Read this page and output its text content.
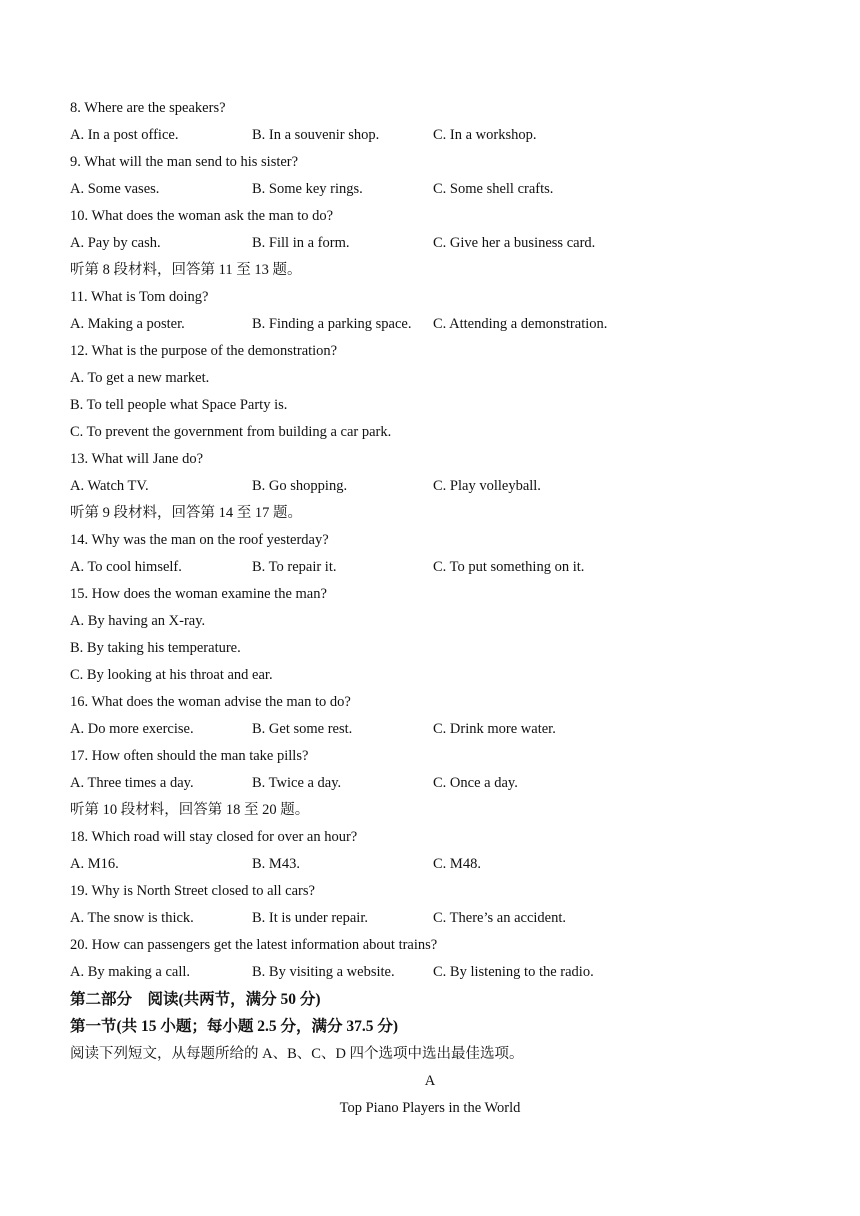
8. Where are the speakers?
A. In a post office.	B. In a souvenir shop.	C. In a workshop.
9. What will the man send to his sister?
A. Some vases.	B. Some key rings.	C. Some shell crafts.
10. What does the woman ask the man to do?
A. Pay by cash.	B. Fill in a form.	C. Give her a business card.
听第 8 段材料，回答第 11 至 13 题。
11. What is Tom doing?
A. Making a poster.	B. Finding a parking space. C. Attending a demonstration.
12. What is the purpose of the demonstration?
A. To get a new market.
B. To tell people what Space Party is.
C. To prevent the government from building a car park.
13. What will Jane do?
A. Watch TV.	B. Go shopping.	C. Play volleyball.
听第 9 段材料，回答第 14 至 17 题。
14. Why was the man on the roof yesterday?
A. To cool himself.	B. To repair it.	C. To put something on it.
15. How does the woman examine the man?
A. By having an X-ray.
B. By taking his temperature.
C. By looking at his throat and ear.
16. What does the woman advise the man to do?
A. Do more exercise.	B. Get some rest.	C. Drink more water.
17. How often should the man take pills?
A. Three times a day.	B. Twice a day.	C. Once a day.
听第 10 段材料，回答第 18 至 20 题。
18. Which road will stay closed for over an hour?
A. M16.	B. M43.	C. M48.
19. Why is North Street closed to all cars?
A. The snow is thick.	B. It is under repair.	C. There’s an accident.
20. How can passengers get the latest information about trains?
A. By making a call.	B. By visiting a website.	C. By listening to the radio.
第二部分　阅读(共两节，满分 50 分)
第一节(共 15 小题；每小题 2.5 分，满分 37.5 分)
阅读下列短文，从每题所给的 A、B、C、D 四个选项中选出最佳选项。
A
Top Piano Players in the World
